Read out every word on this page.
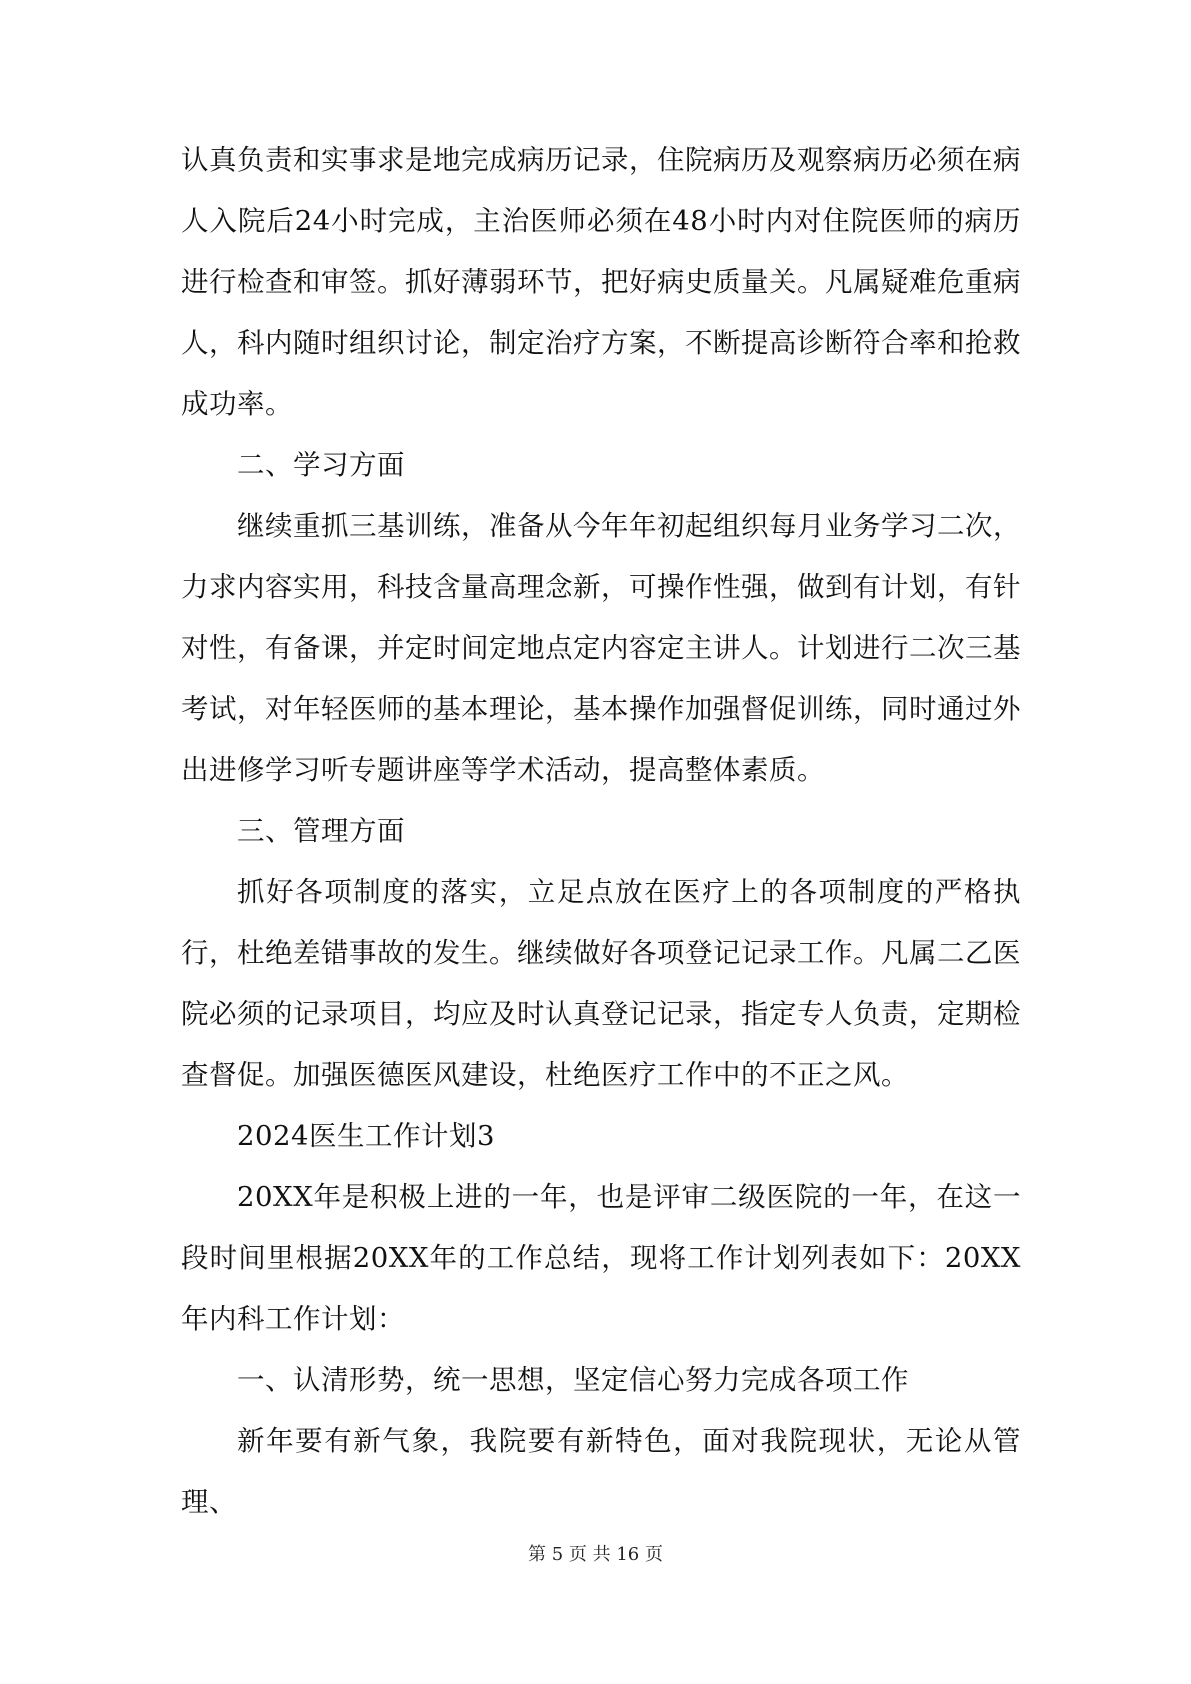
认真负责和实事求是地完成病历记录，住院病历及观察病历必须在病人入院后24小时完成，主治医师必须在48小时内对住院医师的病历进行检查和审签。抓好薄弱环节，把好病史质量关。凡属疑难危重病人，科内随时组织讨论，制定治疗方案，不断提高诊断符合率和抢救成功率。

二、学习方面

继续重抓三基训练，准备从今年年初起组织每月业务学习二次，力求内容实用，科技含量高理念新，可操作性强，做到有计划，有针对性，有备课，并定时间定地点定内容定主讲人。计划进行二次三基考试，对年轻医师的基本理论，基本操作加强督促训练，同时通过外出进修学习听专题讲座等学术活动，提高整体素质。

三、管理方面

抓好各项制度的落实，立足点放在医疗上的各项制度的严格执行，杜绝差错事故的发生。继续做好各项登记记录工作。凡属二乙医院必须的记录项目，均应及时认真登记记录，指定专人负责，定期检查督促。加强医德医风建设，杜绝医疗工作中的不正之风。

2024医生工作计划3

20XX年是积极上进的一年，也是评审二级医院的一年，在这一段时间里根据20XX年的工作总结，现将工作计划列表如下：20XX年内科工作计划：

一、认清形势，统一思想，坚定信心努力完成各项工作

新年要有新气象，我院要有新特色，面对我院现状，无论从管理、

第 5 页 共 16 页
